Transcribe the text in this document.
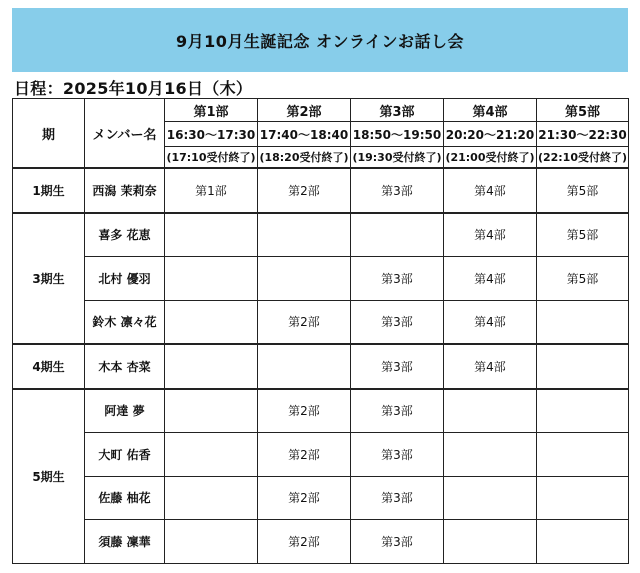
9月10月生誕記念 オンラインお話し会
日程：2025年10月16日（木）
期	メンバー名	第1部	第2部	第3部	第4部	第5部
		16:30〜17:30	17:40〜18:40	18:50〜19:50	20:20〜21:20	21:30〜22:30
		(17:10受付終了)	(18:20受付終了)	(19:30受付終了)	(21:00受付終了)	(22:10受付終了)
1期生	西潟 茉莉奈	第1部	第2部	第3部	第4部	第5部
3期生	喜多 花恵				第4部	第5部
	北村 優羽			第3部	第4部	第5部
	鈴木 凛々花		第2部	第3部	第4部	
4期生	木本 杏菜			第3部	第4部	
5期生	阿達 夢		第2部	第3部		
	大町 佑香		第2部	第3部		
	佐藤 柚花		第2部	第3部		
	須藤 凜華		第2部	第3部		
